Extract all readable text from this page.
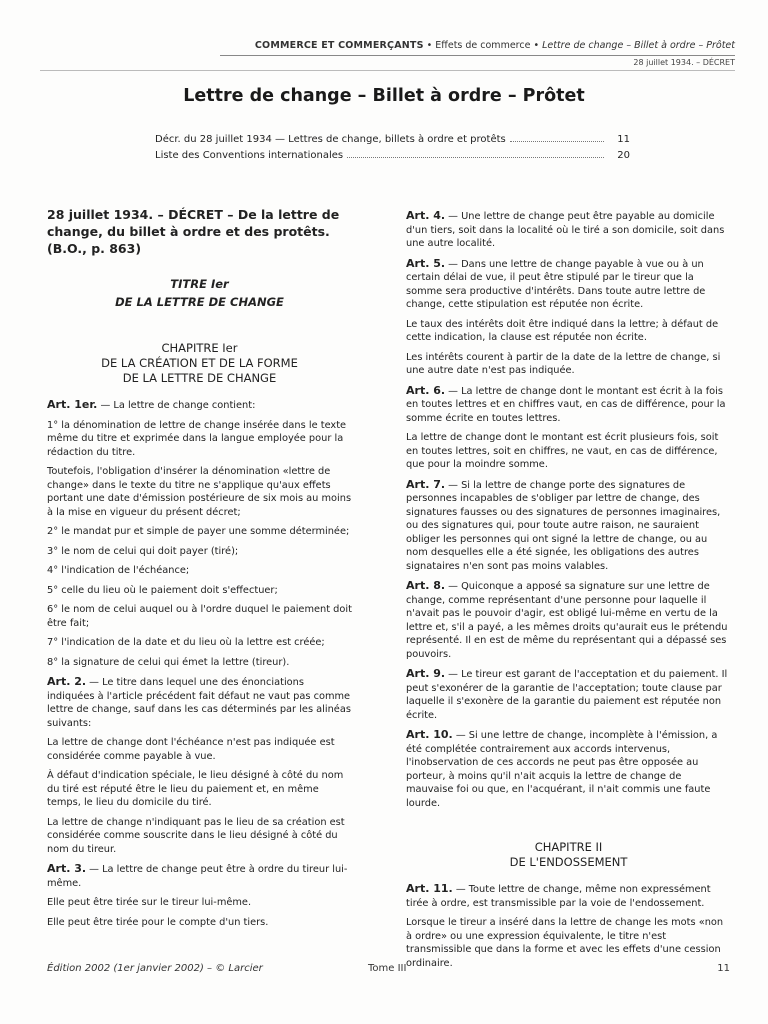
COMMERCE ET COMMERÇANTS • Effets de commerce • Lettre de change – Billet à ordre – Prôtet
28 juillet 1934. – DÉCRET
Lettre de change – Billet à ordre – Prôtet
Décr. du 28 juillet 1934 — Lettres de change, billets à ordre et protêts	11
Liste des Conventions internationales	20
28 juillet 1934. – DÉCRET – De la lettre de change, du billet à ordre et des protêts. (B.O., p. 863)
TITRE Ier
DE LA LETTRE DE CHANGE
CHAPITRE Ier
DE LA CRÉATION ET DE LA FORME
DE LA LETTRE DE CHANGE

Art. 1er. — La lettre de change contient:

1° la dénomination de lettre de change insérée dans le texte même du titre et exprimée dans la langue employée pour la rédaction du titre.

Toutefois, l'obligation d'insérer la dénomination «lettre de change» dans le texte du titre ne s'applique qu'aux effets portant une date d'émission postérieure de six mois au moins à la mise en vigueur du présent décret;

2° le mandat pur et simple de payer une somme déterminée;

3° le nom de celui qui doit payer (tiré);

4° l'indication de l'échéance;

5° celle du lieu où le paiement doit s'effectuer;

6° le nom de celui auquel ou à l'ordre duquel le paiement doit être fait;

7° l'indication de la date et du lieu où la lettre est créée;

8° la signature de celui qui émet la lettre (tireur).

Art. 2. — Le titre dans lequel une des énonciations indiquées à l'article précédent fait défaut ne vaut pas comme lettre de change, sauf dans les cas déterminés par les alinéas suivants:

La lettre de change dont l'échéance n'est pas indiquée est considérée comme payable à vue.

À défaut d'indication spéciale, le lieu désigné à côté du nom du tiré est réputé être le lieu du paiement et, en même temps, le lieu du domicile du tiré.

La lettre de change n'indiquant pas le lieu de sa création est considérée comme souscrite dans le lieu désigné à côté du nom du tireur.

Art. 3. — La lettre de change peut être à ordre du tireur lui-même.

Elle peut être tirée sur le tireur lui-même.

Elle peut être tirée pour le compte d'un tiers.

Art. 4. — Une lettre de change peut être payable au domicile d'un tiers, soit dans la localité où le tiré a son domicile, soit dans une autre localité.

Art. 5. — Dans une lettre de change payable à vue ou à un certain délai de vue, il peut être stipulé par le tireur que la somme sera productive d'intérêts. Dans toute autre lettre de change, cette stipulation est réputée non écrite.

Le taux des intérêts doit être indiqué dans la lettre; à défaut de cette indication, la clause est réputée non écrite.

Les intérêts courent à partir de la date de la lettre de change, si une autre date n'est pas indiquée.

Art. 6. — La lettre de change dont le montant est écrit à la fois en toutes lettres et en chiffres vaut, en cas de différence, pour la somme écrite en toutes lettres.

La lettre de change dont le montant est écrit plusieurs fois, soit en toutes lettres, soit en chiffres, ne vaut, en cas de différence, que pour la moindre somme.

Art. 7. — Si la lettre de change porte des signatures de personnes incapables de s'obliger par lettre de change, des signatures fausses ou des signatures de personnes imaginaires, ou des signatures qui, pour toute autre raison, ne sauraient obliger les personnes qui ont signé la lettre de change, ou au nom desquelles elle a été signée, les obligations des autres signataires n'en sont pas moins valables.

Art. 8. — Quiconque a apposé sa signature sur une lettre de change, comme représentant d'une personne pour laquelle il n'avait pas le pouvoir d'agir, est obligé lui-même en vertu de la lettre et, s'il a payé, a les mêmes droits qu'aurait eus le prétendu représenté. Il en est de même du représentant qui a dépassé ses pouvoirs.

Art. 9. — Le tireur est garant de l'acceptation et du paiement. Il peut s'exonérer de la garantie de l'acceptation; toute clause par laquelle il s'exonère de la garantie du paiement est réputée non écrite.

Art. 10. — Si une lettre de change, incomplète à l'émission, a été complétée contrairement aux accords intervenus, l'inobservation de ces accords ne peut pas être opposée au porteur, à moins qu'il n'ait acquis la lettre de change de mauvaise foi ou que, en l'acquérant, il n'ait commis une faute lourde.

CHAPITRE II
DE L'ENDOSSEMENT

Art. 11. — Toute lettre de change, même non expressément tirée à ordre, est transmissible par la voie de l'endossement.

Lorsque le tireur a inséré dans la lettre de change les mots «non à ordre» ou une expression équivalente, le titre n'est transmissible que dans la forme et avec les effets d'une cession ordinaire.

Édition 2002 (1er janvier 2002) – © Larcier	Tome III	11
